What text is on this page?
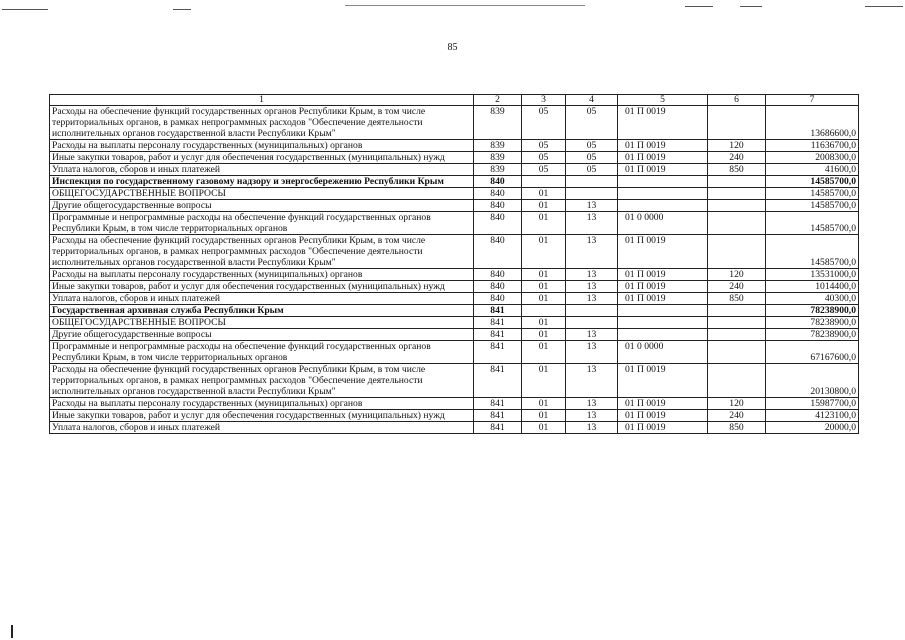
85
1	2	3	4	5	6	7
Расходы на обеспечение функций государственных органов Республики Крым, в том числе территориальных органов, в рамках непрограммных расходов "Обеспечение деятельности исполнительных органов государственной власти Республики Крым"	839	05	05	01 П 0019		13686600,0
Расходы на выплаты персоналу государственных (муниципальных) органов	839	05	05	01 П 0019	120	11636700,0
Иные закупки товаров, работ и услуг для обеспечения государственных (муниципальных) нужд	839	05	05	01 П 0019	240	2008300,0
Уплата налогов, сборов и иных платежей	839	05	05	01 П 0019	850	41600,0
Инспекция по государственному газовому надзору и энергосбережению Республики Крым	840					14585700,0
ОБЩЕГОСУДАРСТВЕННЫЕ ВОПРОСЫ	840	01				14585700,0
Другие общегосударственные вопросы	840	01	13			14585700,0
Программные и непрограммные расходы на обеспечение функций государственных органов Республики Крым, в том числе территориальных органов	840	01	13	01 0 0000		14585700,0
Расходы на обеспечение функций государственных органов Республики Крым, в том числе территориальных органов, в рамках непрограммных расходов "Обеспечение деятельности исполнительных органов государственной власти Республики Крым"	840	01	13	01 П 0019		14585700,0
Расходы на выплаты персоналу государственных (муниципальных) органов	840	01	13	01 П 0019	120	13531000,0
Иные закупки товаров, работ и услуг для обеспечения государственных (муниципальных) нужд	840	01	13	01 П 0019	240	1014400,0
Уплата налогов, сборов и иных платежей	840	01	13	01 П 0019	850	40300,0
Государственная архивная служба Республики Крым	841					78238900,0
ОБЩЕГОСУДАРСТВЕННЫЕ ВОПРОСЫ	841	01				78238900,0
Другие общегосударственные вопросы	841	01	13			78238900,0
Программные и непрограммные расходы на обеспечение функций государственных органов Республики Крым, в том числе территориальных органов	841	01	13	01 0 0000		67167600,0
Расходы на обеспечение функций государственных органов Республики Крым, в том числе территориальных органов, в рамках непрограммных расходов "Обеспечение деятельности исполнительных органов государственной власти Республики Крым"	841	01	13	01 П 0019		20130800,0
Расходы на выплаты персоналу государственных (муниципальных) органов	841	01	13	01 П 0019	120	15987700,0
Иные закупки товаров, работ и услуг для обеспечения государственных (муниципальных) нужд	841	01	13	01 П 0019	240	4123100,0
Уплата налогов, сборов и иных платежей	841	01	13	01 П 0019	850	20000,0
